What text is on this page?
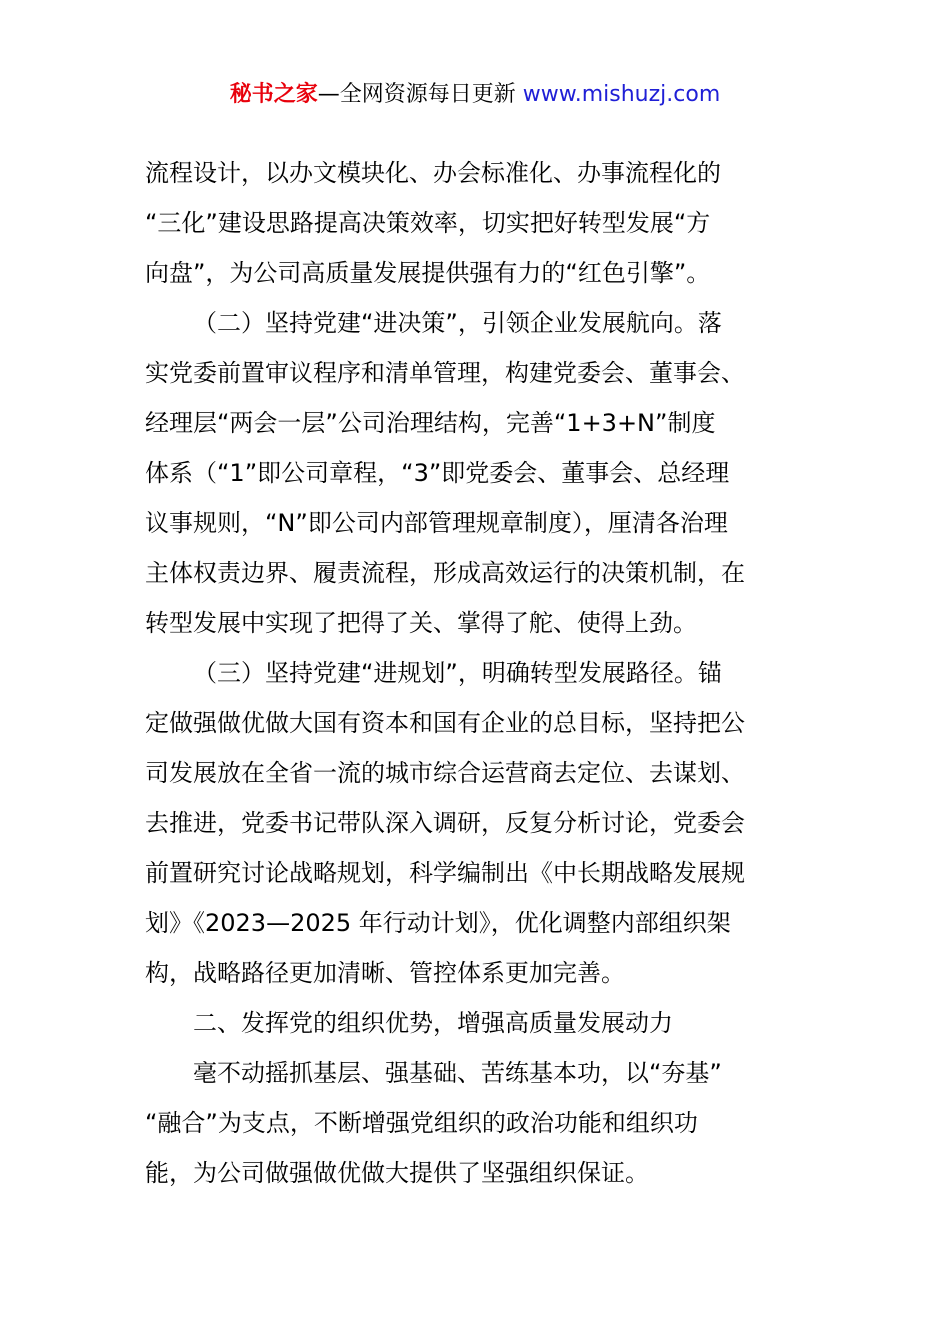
秘书之家—全网资源每日更新 www.mishuzj.com
流程设计，以办文模块化、办会标准化、办事流程化的
“三化”建设思路提高决策效率，切实把好转型发展“方
向盘”，为公司高质量发展提供强有力的“红色引擎”。
（二）坚持党建“进决策”，引领企业发展航向。落
实党委前置审议程序和清单管理，构建党委会、董事会、
经理层“两会一层”公司治理结构，完善“1+3+N”制度
体系（“1”即公司章程，“3”即党委会、董事会、总经理
议事规则，“N”即公司内部管理规章制度），厘清各治理
主体权责边界、履责流程，形成高效运行的决策机制，在
转型发展中实现了把得了关、掌得了舵、使得上劲。
（三）坚持党建“进规划”，明确转型发展路径。锚
定做强做优做大国有资本和国有企业的总目标，坚持把公
司发展放在全省一流的城市综合运营商去定位、去谋划、
去推进，党委书记带队深入调研，反复分析讨论，党委会
前置研究讨论战略规划，科学编制出《中长期战略发展规
划》《2023—2025 年行动计划》，优化调整内部组织架
构，战略路径更加清晰、管控体系更加完善。
二、发挥党的组织优势，增强高质量发展动力
毫不动摇抓基层、强基础、苦练基本功，以“夯基”
“融合”为支点，不断增强党组织的政治功能和组织功
能，为公司做强做优做大提供了坚强组织保证。
